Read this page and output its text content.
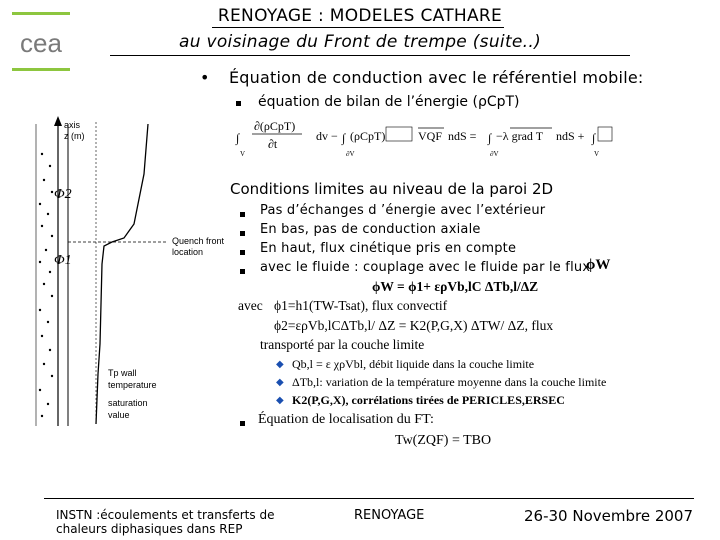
cea
RENOYAGE : MODELES CATHARE
au voisinage du Front de trempe (suite..)
• Équation de conduction avec le référentiel mobile:
équation de bilan de l’énergie (ρCpT)
∂(ρCpT)
∂t
∫
V
dv − ∫ (ρCpT)	VQF ndS = ∫ −λ grad T ndS + ∫
∂V	∂V	V
Φ2
Φ1
axis
z (m)
Quench front
location
Tp wall
temperature
saturation
value
Conditions limites au niveau de la paroi 2D
Pas d’échanges d ’énergie avec l’extérieur
En bas, pas de conduction axiale
En haut, flux cinétique pris en compte
avec le fluide : couplage avec le fluide par le flux
ϕW
ϕW = ϕ1+ ερVb,lC ΔTb,l/ΔZ
avec ϕ1=h1(TW-Tsat), flux convectif
ϕ2=ερVb,lCΔTb,l/ ΔZ = K2(P,G,X) ΔTW/ ΔZ, flux
transporté par la couche limite
◆ Qb,l = ε χρVbl, débit liquide dans la couche limite
◆ ΔTb,l: variation de la température moyenne dans la couche limite
◆ K2(P,G,X), corrélations tirées de PERICLES,ERSEC
Équation de localisation du FT:
Tw(ZQF) = TBO
INSTN :écoulements et transferts de
chaleurs diphasiques dans REP
RENOYAGE	26-30 Novembre 2007
